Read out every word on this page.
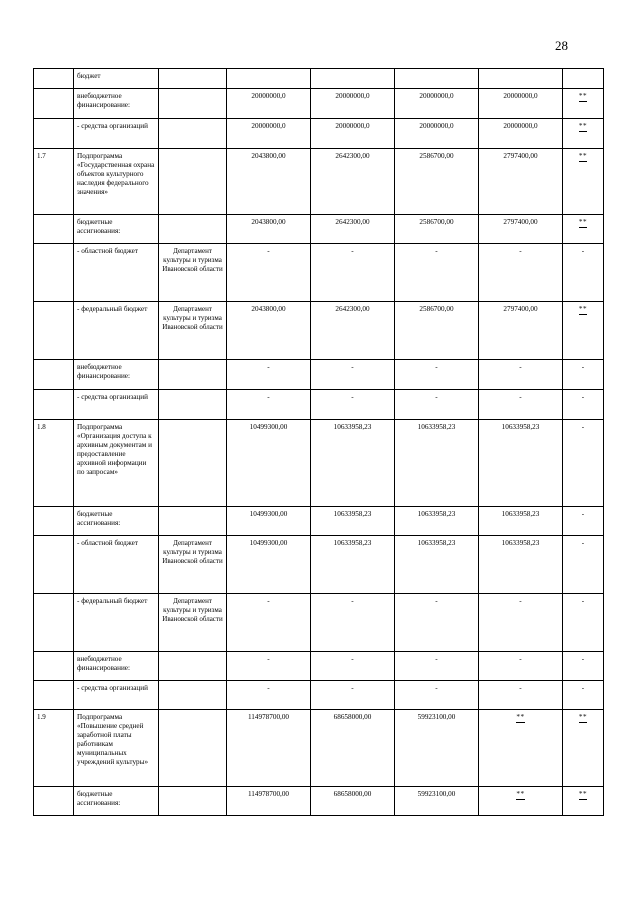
28
	бюджет						
	внебюджетное финансирование:		20000000,0	20000000,0	20000000,0	20000000,0	**
	- средства организаций		20000000,0	20000000,0	20000000,0	20000000,0	**
1.7	Подпрограмма «Государственная охрана объектов культурного наследия федерального значения»		2043800,00	2642300,00	2586700,00	2797400,00	**
	бюджетные ассигнования:		2043800,00	2642300,00	2586700,00	2797400,00	**
	- областной бюджет	Департамент культуры и туризма Ивановской области	-	-	-	-	-
	- федеральный бюджет	Департамент культуры и туризма Ивановской области	2043800,00	2642300,00	2586700,00	2797400,00	**
	внебюджетное финансирование:		-	-	-	-	-
	- средства организаций		-	-	-	-	-
1.8	Подпрограмма «Организация доступа к архивным документам и предоставление архивной информации по запросам»		10499300,00	10633958,23	10633958,23	10633958,23	-
	бюджетные ассигнования:		10499300,00	10633958,23	10633958,23	10633958,23	-
	- областной бюджет	Департамент культуры и туризма Ивановской области	10499300,00	10633958,23	10633958,23	10633958,23	-
	- федеральный бюджет	Департамент культуры и туризма Ивановской области	-	-	-	-	-
	внебюджетное финансирование:		-	-	-	-	-
	- средства организаций		-	-	-	-	-
1.9	Подпрограмма «Повышение средней заработной платы работникам муниципальных учреждений культуры»		114978700,00	68658000,00	59923100,00	**	**
	бюджетные ассигнования:		114978700,00	68658000,00	59923100,00	**	**
